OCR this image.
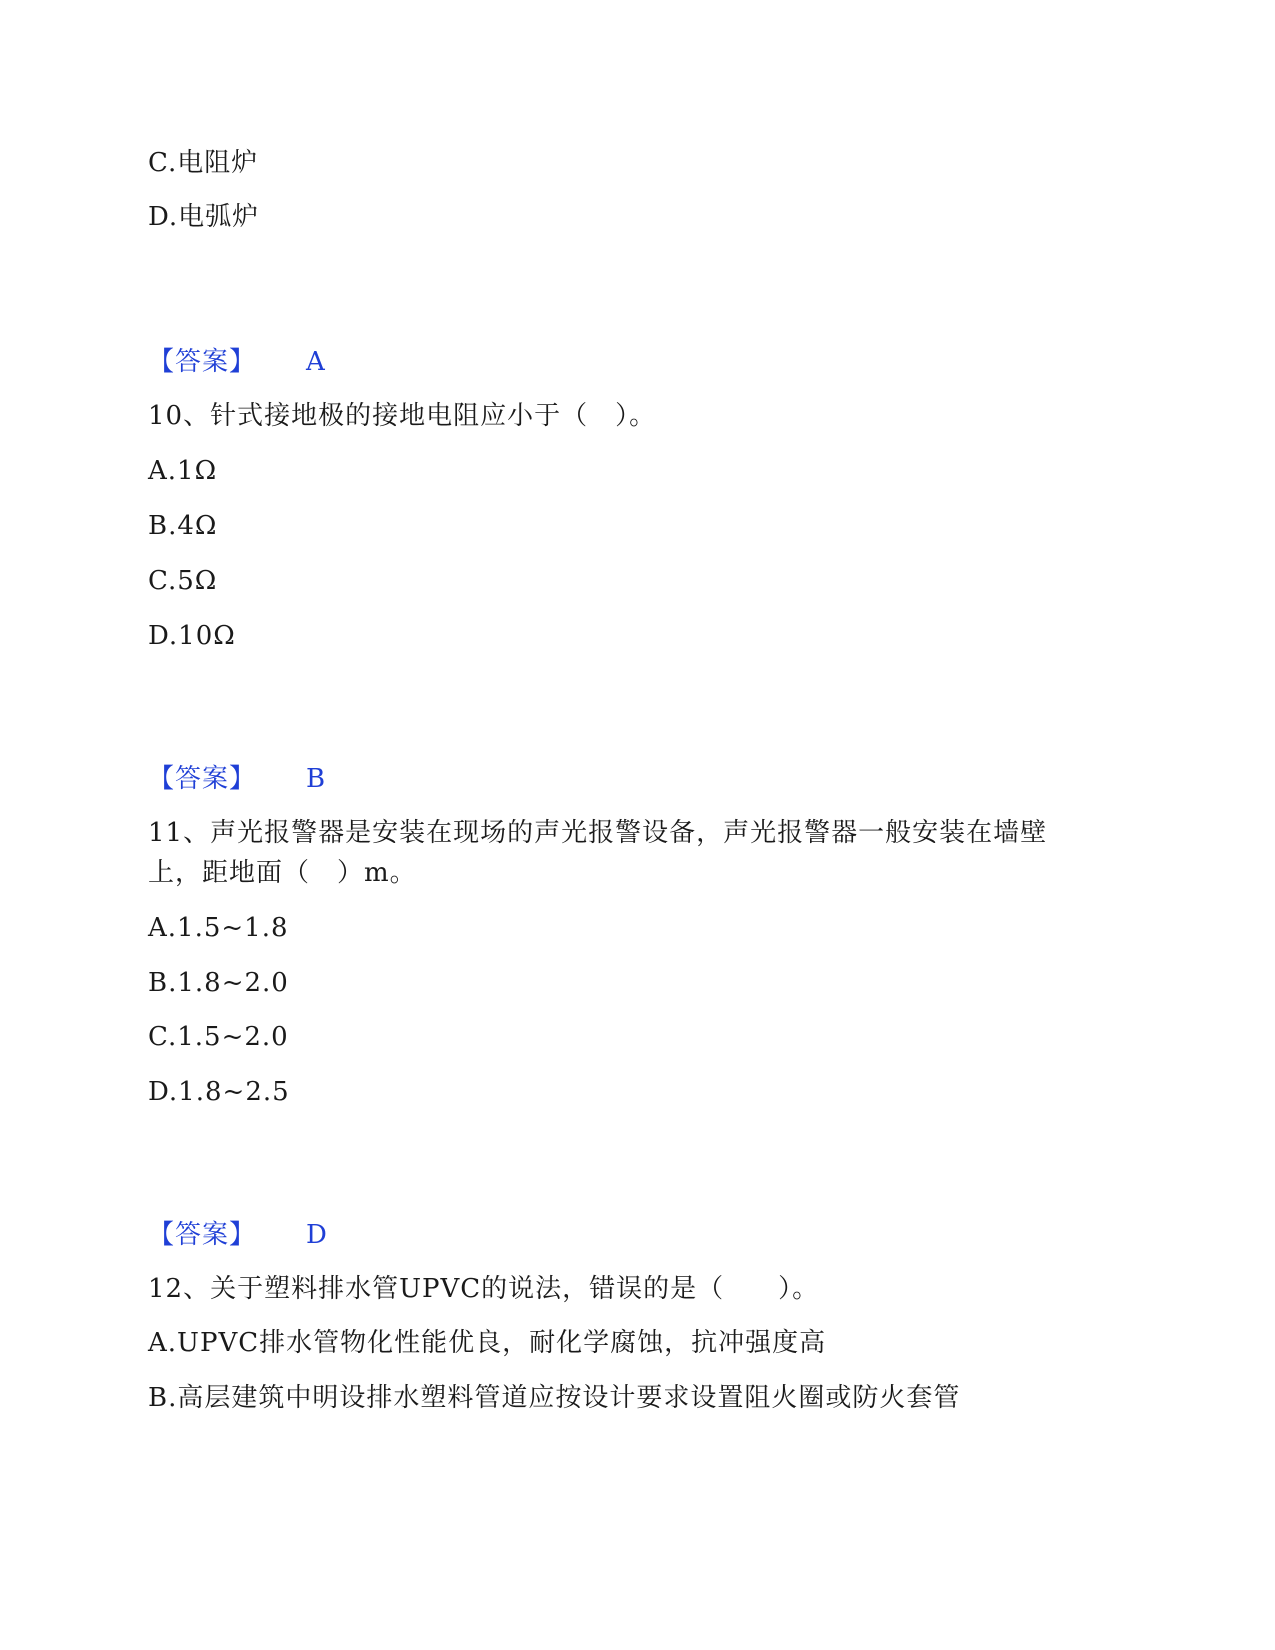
C.电阻炉
D.电弧炉
【答案】 A
10、针式接地极的接地电阻应小于（　）。
A.1Ω
B.4Ω
C.5Ω
D.10Ω
【答案】 B
11、声光报警器是安装在现场的声光报警设备，声光报警器一般安装在墙壁
上，距地面（　）m。
A.1.5~1.8
B.1.8~2.0
C.1.5~2.0
D.1.8~2.5
【答案】 D
12、关于塑料排水管UPVC的说法，错误的是（　　）。
A.UPVC排水管物化性能优良，耐化学腐蚀，抗冲强度高
B.高层建筑中明设排水塑料管道应按设计要求设置阻火圈或防火套管
